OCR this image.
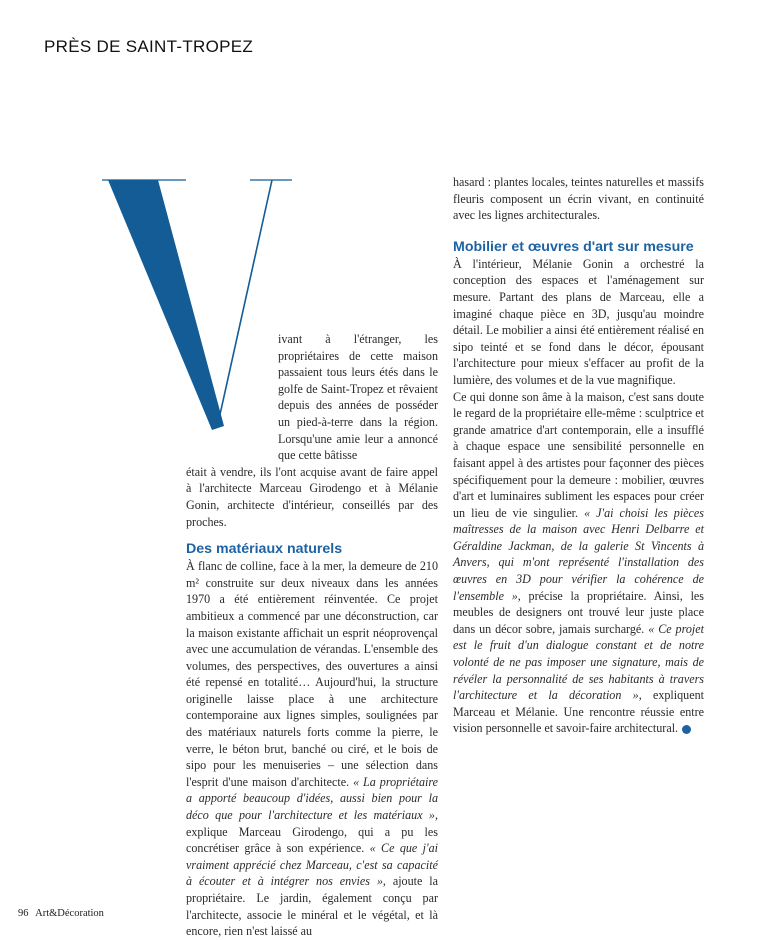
PRÈS DE SAINT-TROPEZ

ivant à l'étranger, les propriétaires de cette maison passaient tous leurs étés dans le golfe de Saint-Tropez et rêvaient depuis des années de posséder un pied-à-terre dans la région. Lorsqu'une amie leur a annoncé que cette bâtisse

était à vendre, ils l'ont acquise avant de faire appel à l'architecte Marceau Girodengo et à Mélanie Gonin, architecte d'intérieur, conseillés par des proches.

Des matériaux naturels

À flanc de colline, face à la mer, la demeure de 210 m² construite sur deux niveaux dans les années 1970 a été entièrement réinventée. Ce projet ambitieux a commencé par une déconstruction, car la maison existante affichait un esprit néoprovençal avec une accumulation de vérandas. L'ensemble des volumes, des perspectives, des ouvertures a ainsi été repensé en totalité… Aujourd'hui, la structure originelle laisse place à une architecture contemporaine aux lignes simples, soulignées par des matériaux naturels forts comme la pierre, le verre, le béton brut, banché ou ciré, et le bois de sipo pour les menuiseries – une sélection dans l'esprit d'une maison d'architecte. « La propriétaire a apporté beaucoup d'idées, aussi bien pour la déco que pour l'architecture et les matériaux », explique Marceau Girodengo, qui a pu les concrétiser grâce à son expérience. « Ce que j'ai vraiment apprécié chez Marceau, c'est sa capacité à écouter et à intégrer nos envies », ajoute la propriétaire. Le jardin, également conçu par l'architecte, associe le minéral et le végétal, et là encore, rien n'est laissé au

hasard : plantes locales, teintes naturelles et massifs fleuris composent un écrin vivant, en continuité avec les lignes architecturales.

Mobilier et œuvres d'art sur mesure

À l'intérieur, Mélanie Gonin a orchestré la conception des espaces et l'aménagement sur mesure. Partant des plans de Marceau, elle a imaginé chaque pièce en 3D, jusqu'au moindre détail. Le mobilier a ainsi été entièrement réalisé en sipo teinté et se fond dans le décor, épousant l'architecture pour mieux s'effacer au profit de la lumière, des volumes et de la vue magnifique.

Ce qui donne son âme à la maison, c'est sans doute le regard de la propriétaire elle-même : sculptrice et grande amatrice d'art contemporain, elle a insufflé à chaque espace une sensibilité personnelle en faisant appel à des artistes pour façonner des pièces spécifiquement pour la demeure : mobilier, œuvres d'art et luminaires subliment les espaces pour créer un lieu de vie singulier. « J'ai choisi les pièces maîtresses de la maison avec Henri Delbarre et Géraldine Jackman, de la galerie St Vincents à Anvers, qui m'ont représenté l'installation des œuvres en 3D pour vérifier la cohérence de l'ensemble », précise la propriétaire. Ainsi, les meubles de designers ont trouvé leur juste place dans un décor sobre, jamais surchargé. « Ce projet est le fruit d'un dialogue constant et de notre volonté de ne pas imposer une signature, mais de révéler la personnalité de ses habitants à travers l'architecture et la décoration », expliquent Marceau et Mélanie. Une rencontre réussie entre vision personnelle et savoir-faire architectural.

96 Art&Décoration
